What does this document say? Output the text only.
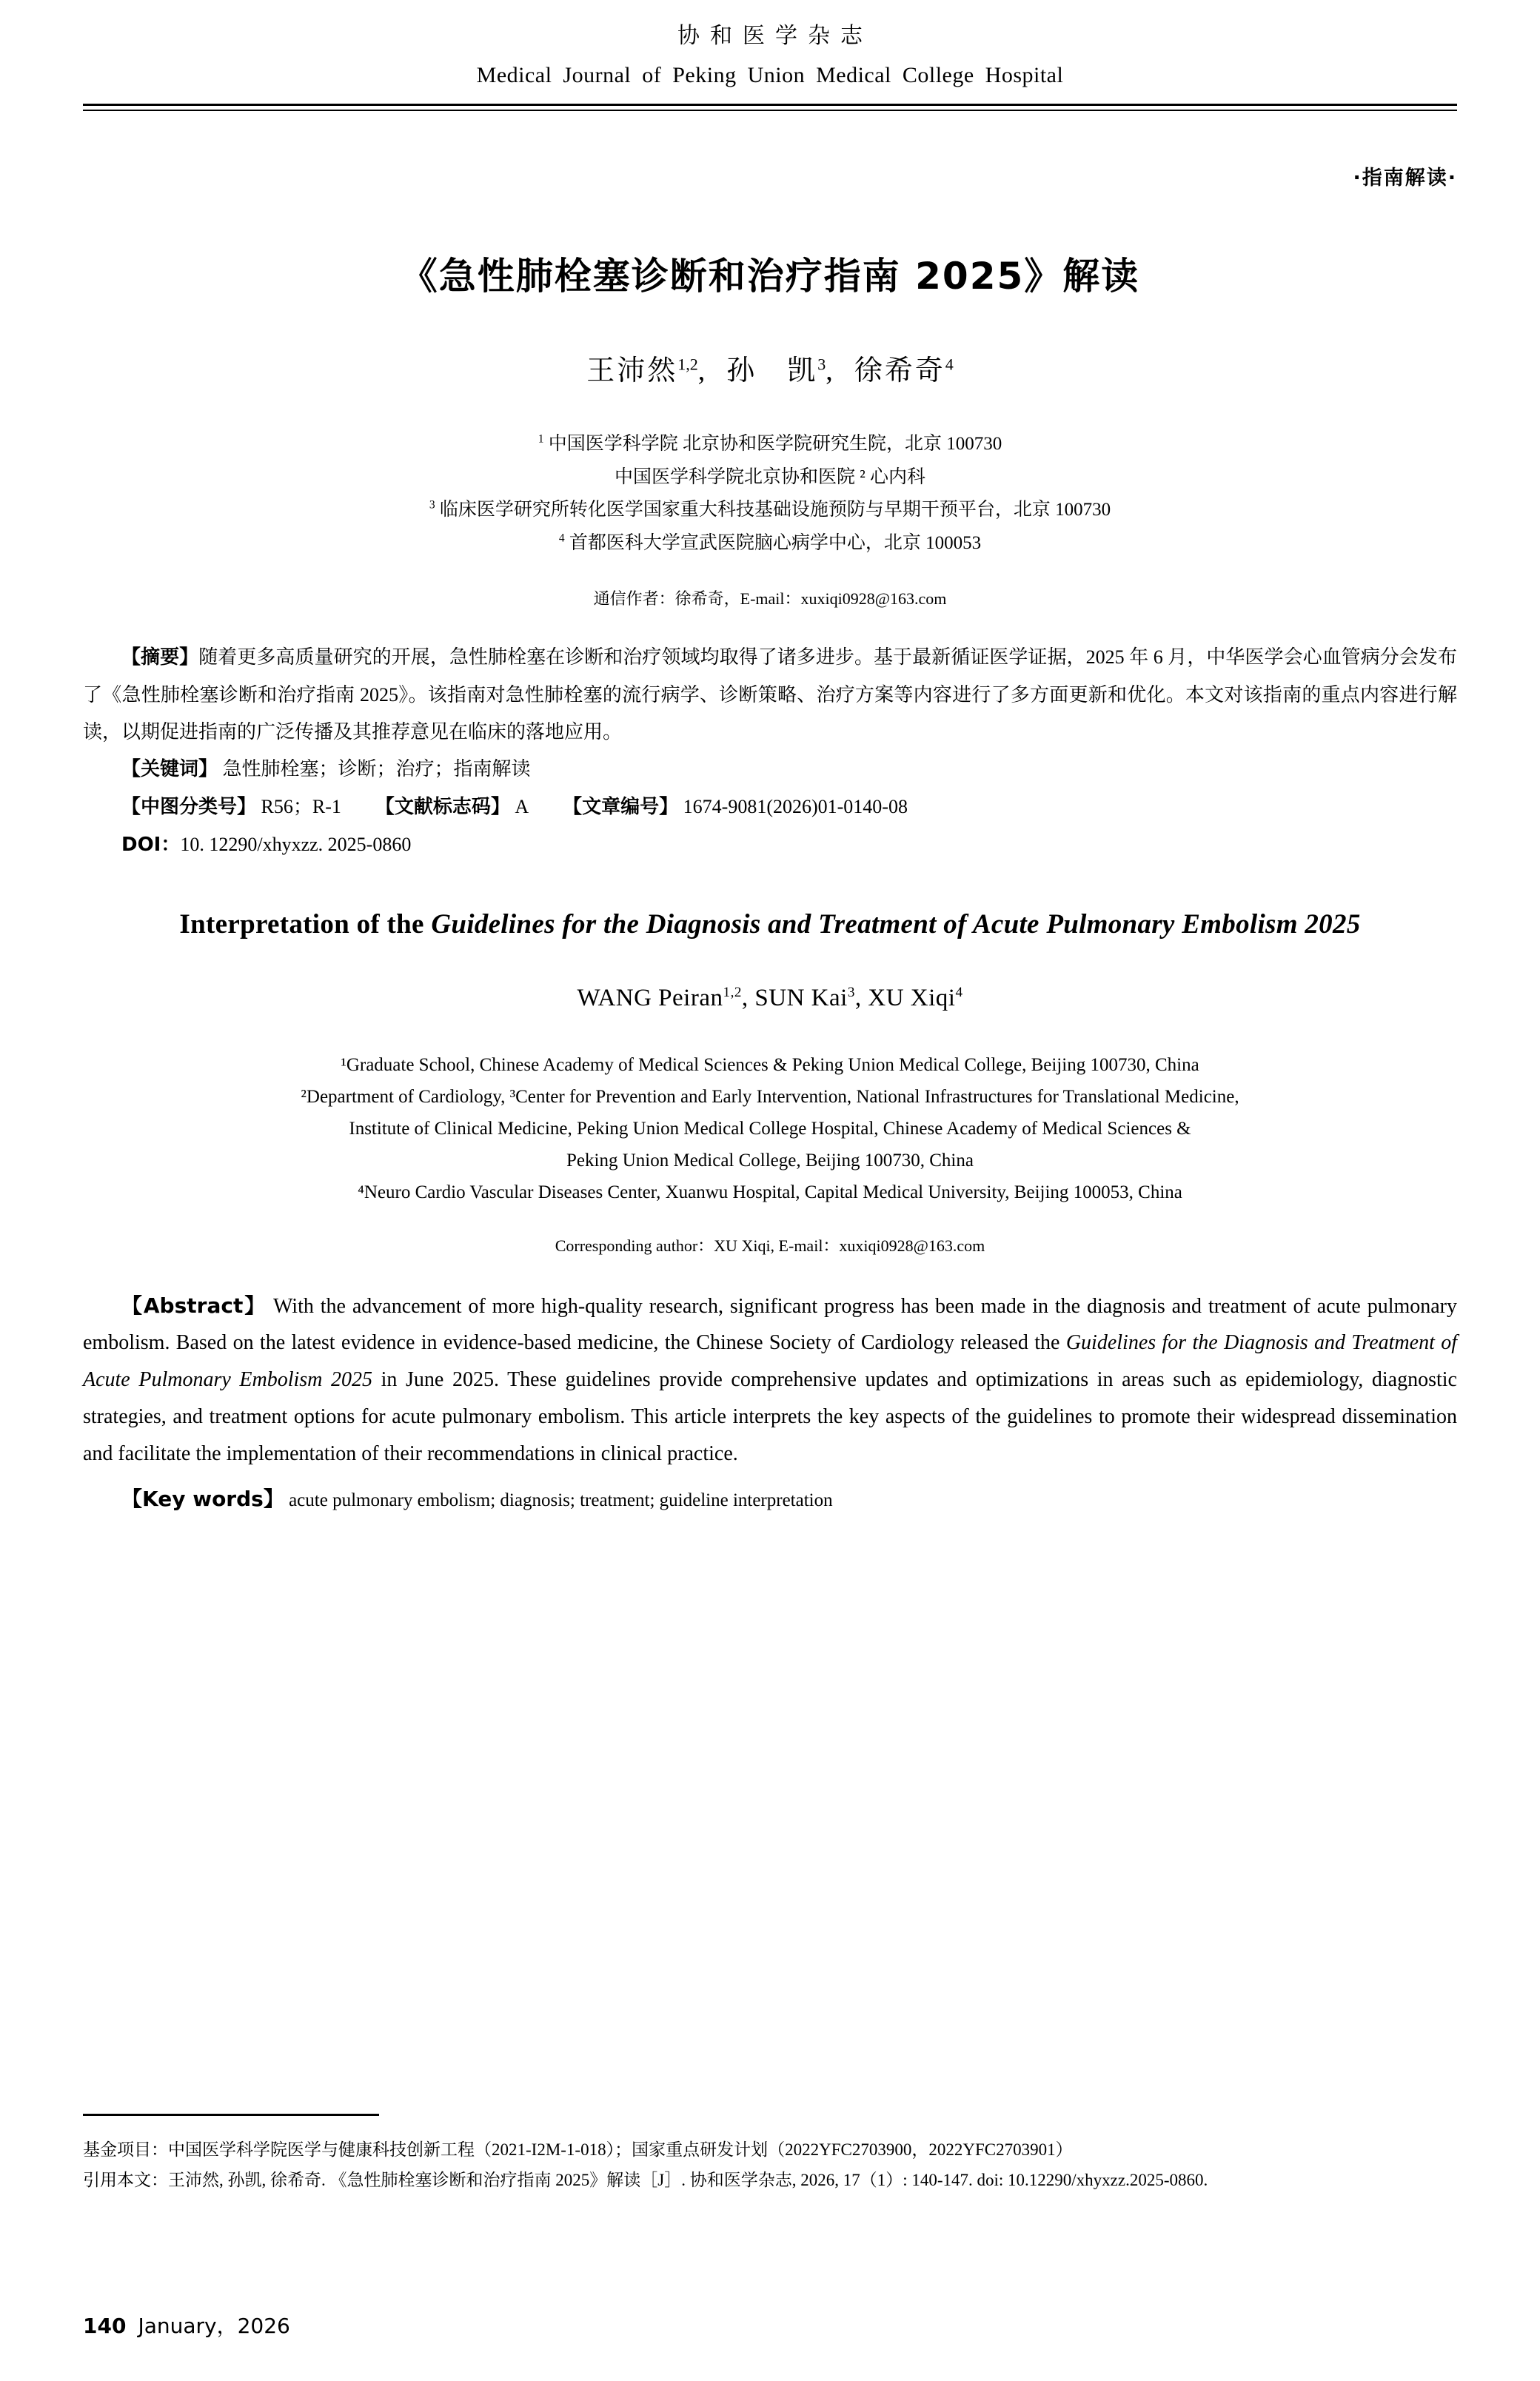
协和医学杂志
Medical Journal of Peking Union Medical College Hospital
·指南解读·
《急性肺栓塞诊断和治疗指南 2025》解读
王沛然$^{1,2}$, 孙　凯$^3$, 徐希奇$^4$
$^1$ 中国医学科学院 北京协和医学院研究生院，北京 100730
中国医学科学院北京协和医院 ² 心内科
$^3$ 临床医学研究所转化医学国家重大科技基础设施预防与早期干预平台，北京 100730
$^4$ 首都医科大学宣武医院脑心病学中心，北京 100053
通信作者：徐希奇，E-mail：xuxiqi0928@163.com
【摘要】随着更多高质量研究的开展，急性肺栓塞在诊断和治疗领域均取得了诸多进步。基于最新循证医学证据，2025 年 6 月，中华医学会心血管病分会发布了《急性肺栓塞诊断和治疗指南 2025》。该指南对急性肺栓塞的流行病学、诊断策略、治疗方案等内容进行了多方面更新和优化。本文对该指南的重点内容进行解读，以期促进指南的广泛传播及其推荐意见在临床的落地应用。
【关键词】 急性肺栓塞；诊断；治疗；指南解读
【中图分类号】 R56；R-1 【文献标志码】 A 【文章编号】 1674-9081(2026)01-0140-08
DOI：10. 12290/xhyxzz. 2025-0860
Interpretation of the Guidelines for the Diagnosis and Treatment of Acute Pulmonary Embolism 2025
WANG Peiran$^{1,2}$, SUN Kai$^3$, XU Xiqi$^4$
¹Graduate School, Chinese Academy of Medical Sciences & Peking Union Medical College, Beijing 100730, China
²Department of Cardiology, ³Center for Prevention and Early Intervention, National Infrastructures for Translational Medicine,
Institute of Clinical Medicine, Peking Union Medical College Hospital, Chinese Academy of Medical Sciences &
Peking Union Medical College, Beijing 100730, China
⁴Neuro Cardio Vascular Diseases Center, Xuanwu Hospital, Capital Medical University, Beijing 100053, China
Corresponding author：XU Xiqi, E-mail：xuxiqi0928@163.com
【Abstract】 With the advancement of more high-quality research, significant progress has been made in the diagnosis and treatment of acute pulmonary embolism. Based on the latest evidence in evidence-based medicine, the Chinese Society of Cardiology released the Guidelines for the Diagnosis and Treatment of Acute Pulmonary Embolism 2025 in June 2025. These guidelines provide comprehensive updates and optimizations in areas such as epidemiology, diagnostic strategies, and treatment options for acute pulmonary embolism. This article interprets the key aspects of the guidelines to promote their widespread dissemination and facilitate the implementation of their recommendations in clinical practice.
【Key words】 acute pulmonary embolism; diagnosis; treatment; guideline interpretation
基金项目：中国医学科学院医学与健康科技创新工程（2021-I2M-1-018）；国家重点研发计划（2022YFC2703900，2022YFC2703901）
引用本文：王沛然, 孙凯, 徐希奇. 《急性肺栓塞诊断和治疗指南 2025》解读［J］. 协和医学杂志, 2026, 17（1）: 140-147. doi: 10.12290/xhyxzz.2025-0860.
140 January，2026
